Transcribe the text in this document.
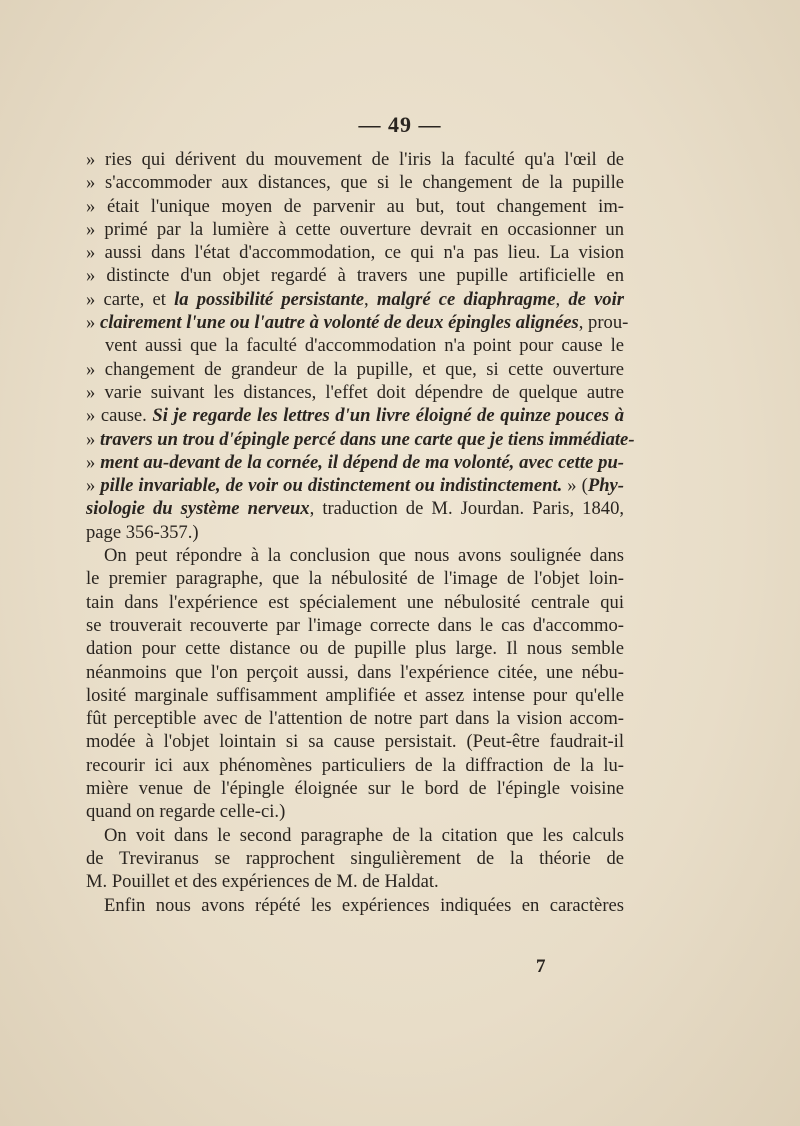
— 49 —
» ries qui dérivent du mouvement de l'iris la faculté qu'a l'œil de
» s'accommoder aux distances, que si le changement de la pupille
» était l'unique moyen de parvenir au but, tout changement im-
» primé par la lumière à cette ouverture devrait en occasionner un
» aussi dans l'état d'accommodation, ce qui n'a pas lieu. La vision
» distincte d'un objet regardé à travers une pupille artificielle en
» carte, et la possibilité persistante, malgré ce diaphragme, de voir
» clairement l'une ou l'autre à volonté de deux épingles alignées, prou-
vent aussi que la faculté d'accommodation n'a point pour cause le
» changement de grandeur de la pupille, et que, si cette ouverture
» varie suivant les distances, l'effet doit dépendre de quelque autre
» cause. Si je regarde les lettres d'un livre éloigné de quinze pouces à
» travers un trou d'épingle percé dans une carte que je tiens immédiate-
» ment au-devant de la cornée, il dépend de ma volonté, avec cette pu-
» pille invariable, de voir ou distinctement ou indistinctement. » (Phy-
siologie du système nerveux, traduction de M. Jourdan. Paris, 1840,
page 356-357.)
On peut répondre à la conclusion que nous avons soulignée dans
le premier paragraphe, que la nébulosité de l'image de l'objet loin-
tain dans l'expérience est spécialement une nébulosité centrale qui
se trouverait recouverte par l'image correcte dans le cas d'accommo-
dation pour cette distance ou de pupille plus large. Il nous semble
néanmoins que l'on perçoit aussi, dans l'expérience citée, une nébu-
losité marginale suffisamment amplifiée et assez intense pour qu'elle
fût perceptible avec de l'attention de notre part dans la vision accom-
modée à l'objet lointain si sa cause persistait. (Peut-être faudrait-il
recourir ici aux phénomènes particuliers de la diffraction de la lu-
mière venue de l'épingle éloignée sur le bord de l'épingle voisine
quand on regarde celle-ci.)
On voit dans le second paragraphe de la citation que les calculs
de Treviranus se rapprochent singulièrement de la théorie de
M. Pouillet et des expériences de M. de Haldat.
Enfin nous avons répété les expériences indiquées en caractères
7
